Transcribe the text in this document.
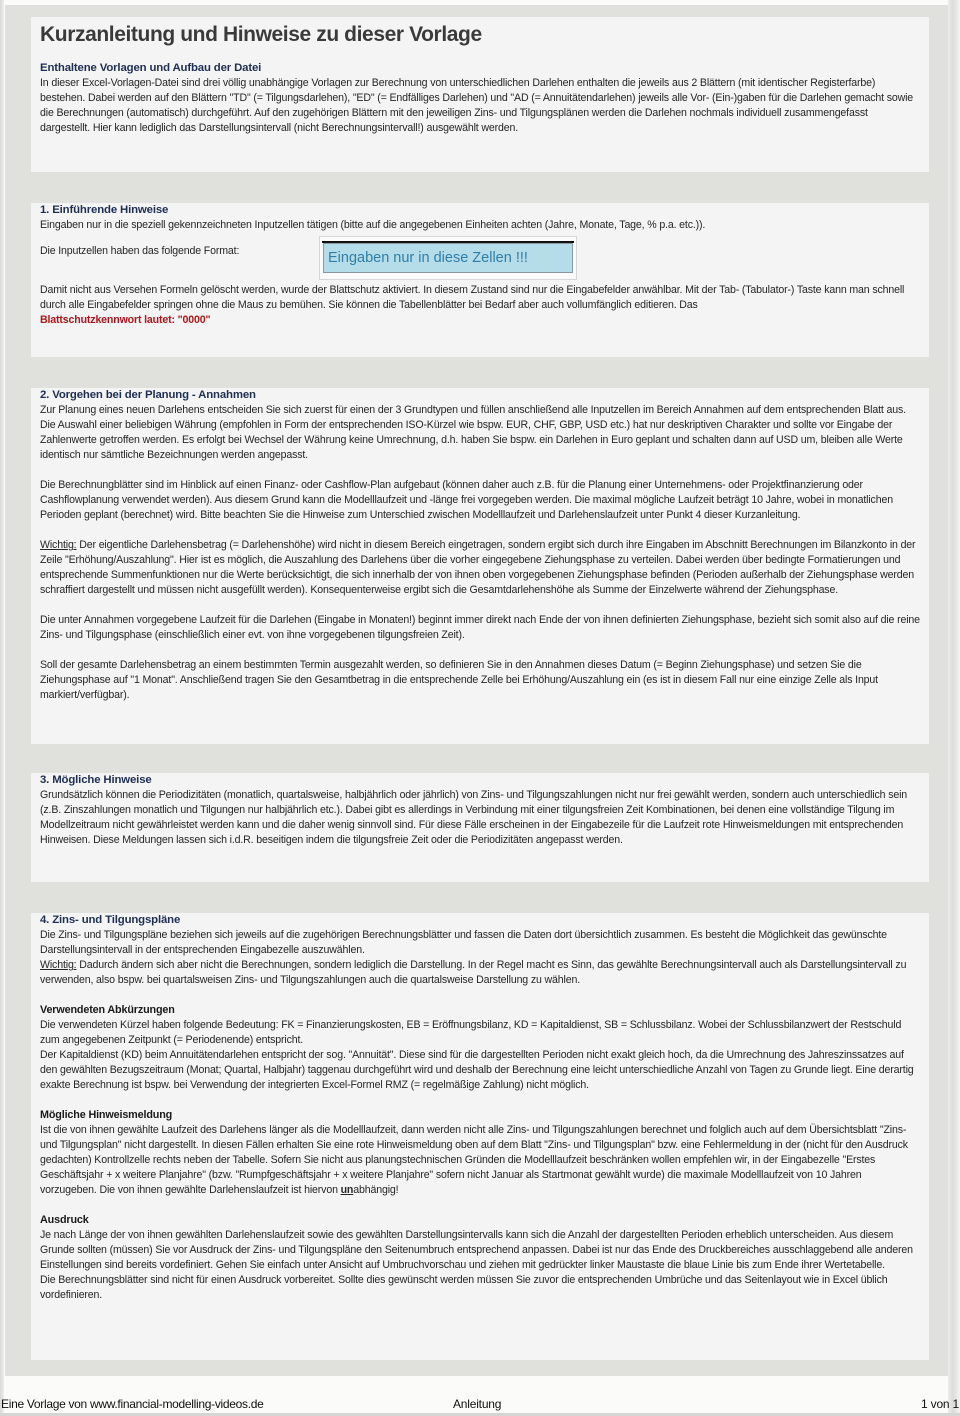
Kurzanleitung und Hinweise zu dieser Vorlage

Enthaltene Vorlagen und Aufbau der Datei

In dieser Excel-Vorlagen-Datei sind drei völlig unabhängige Vorlagen zur Berechnung von unterschiedlichen Darlehen enthalten die jeweils aus 2 Blättern (mit identischer Registerfarbe) bestehen. Dabei werden auf den Blättern "TD" (= Tilgungsdarlehen), "ED" (= Endfälliges Darlehen) und "AD (= Annuitätendarlehen) jeweils alle Vor- (Ein-)gaben für die Darlehen gemacht sowie die Berechnungen (automatisch) durchgeführt. Auf den zugehörigen Blättern mit den jeweiligen Zins- und Tilgungsplänen werden die Darlehen nochmals individuell zusammengefasst dargestellt. Hier kann lediglich das Darstellungsintervall (nicht Berechnungsintervall!) ausgewählt werden.

1. Einführende Hinweise

Eingaben nur in die speziell gekennzeichneten Inputzellen tätigen (bitte auf die angegebenen Einheiten achten (Jahre, Monate, Tage, % p.a. etc.)).

Die Inputzellen haben das folgende Format:	Eingaben nur in diese Zellen !!!

Damit nicht aus Versehen Formeln gelöscht werden, wurde der Blattschutz aktiviert. In diesem Zustand sind nur die Eingabefelder anwählbar. Mit der Tab- (Tabulator-) Taste kann man schnell durch alle Eingabefelder springen ohne die Maus zu bemühen. Sie können die Tabellenblätter bei Bedarf aber auch vollumfänglich editieren. Das
Blattschutzkennwort lautet: "0000"

2. Vorgehen bei der Planung - Annahmen

Zur Planung eines neuen Darlehens entscheiden Sie sich zuerst für einen der 3 Grundtypen und füllen anschließend alle Inputzellen im Bereich Annahmen auf dem entsprechenden Blatt aus. Die Auswahl einer beliebigen Währung (empfohlen in Form der entsprechenden ISO-Kürzel wie bspw. EUR, CHF, GBP, USD etc.) hat nur deskriptiven Charakter und sollte vor Eingabe der Zahlenwerte getroffen werden. Es erfolgt bei Wechsel der Währung keine Umrechnung, d.h. haben Sie bspw. ein Darlehen in Euro geplant und schalten dann auf USD um, bleiben alle Werte identisch nur sämtliche Bezeichnungen werden angepasst.

Die Berechnungblätter sind im Hinblick auf einen Finanz- oder Cashflow-Plan aufgebaut (können daher auch z.B. für die Planung einer Unternehmens- oder Projektfinanzierung oder Cashflowplanung verwendet werden). Aus diesem Grund kann die Modelllaufzeit und -länge frei vorgegeben werden. Die maximal mögliche Laufzeit beträgt 10 Jahre, wobei in monatlichen Perioden geplant (berechnet) wird. Bitte beachten Sie die Hinweise zum Unterschied zwischen Modelllaufzeit und Darlehenslaufzeit unter Punkt 4 dieser Kurzanleitung.

Wichtig: Der eigentliche Darlehensbetrag (= Darlehenshöhe) wird nicht in diesem Bereich eingetragen, sondern ergibt sich durch ihre Eingaben im Abschnitt Berechnungen im Bilanzkonto in der Zeile "Erhöhung/Auszahlung". Hier ist es möglich, die Auszahlung des Darlehens über die vorher eingegebene Ziehungsphase zu verteilen. Dabei werden über bedingte Formatierungen und entsprechende Summenfunktionen nur die Werte berücksichtigt, die sich innerhalb der von ihnen oben vorgegebenen Ziehungsphase befinden (Perioden außerhalb der Ziehungsphase werden schraffiert dargestellt und müssen nicht ausgefüllt werden). Konsequenterweise ergibt sich die Gesamtdarlehenshöhe als Summe der Einzelwerte während der Ziehungsphase.

Die unter Annahmen vorgegebene Laufzeit für die Darlehen (Eingabe in Monaten!) beginnt immer direkt nach Ende der von ihnen definierten Ziehungsphase, bezieht sich somit also auf die reine Zins- und Tilgungsphase (einschließlich einer evt. von ihne vorgegebenen tilgungsfreien Zeit).

Soll der gesamte Darlehensbetrag an einem bestimmten Termin ausgezahlt werden, so definieren Sie in den Annahmen dieses Datum (= Beginn Ziehungsphase) und setzen Sie die Ziehungsphase auf "1 Monat". Anschließend tragen Sie den Gesamtbetrag in die entsprechende Zelle bei Erhöhung/Auszahlung ein (es ist in diesem Fall nur eine einzige Zelle als Input markiert/verfügbar).

3. Mögliche Hinweise

Grundsätzlich können die Periodizitäten (monatlich, quartalsweise, halbjährlich oder jährlich) von Zins- und Tilgungszahlungen nicht nur frei gewählt werden, sondern auch unterschiedlich sein (z.B. Zinszahlungen monatlich und Tilgungen nur halbjährlich etc.). Dabei gibt es allerdings in Verbindung mit einer tilgungsfreien Zeit Kombinationen, bei denen eine vollständige Tilgung im Modellzeitraum nicht gewährleistet werden kann und die daher wenig sinnvoll sind. Für diese Fälle erscheinen in der Eingabezeile für die Laufzeit rote Hinweismeldungen mit entsprechenden Hinweisen. Diese Meldungen lassen sich i.d.R. beseitigen indem die tilgungsfreie Zeit oder die Periodizitäten angepasst werden.

4. Zins- und Tilgungspläne

Die Zins- und Tilgungspläne beziehen sich jeweils auf die zugehörigen Berechnungsblätter und fassen die Daten dort übersichtlich zusammen. Es besteht die Möglichkeit das gewünschte Darstellungsintervall in der entsprechenden Eingabezelle auszuwählen.

Wichtig: Dadurch ändern sich aber nicht die Berechnungen, sondern lediglich die Darstellung. In der Regel macht es Sinn, das gewählte Berechnungsintervall auch als Darstellungsintervall zu verwenden, also bspw. bei quartalsweisen Zins- und Tilgungszahlungen auch die quartalsweise Darstellung zu wählen.

Verwendeten Abkürzungen

Die verwendeten Kürzel haben folgende Bedeutung: FK = Finanzierungskosten, EB = Eröffnungsbilanz, KD = Kapitaldienst, SB = Schlussbilanz. Wobei der Schlussbilanzwert der Restschuld zum angegebenen Zeitpunkt (= Periodenende) entspricht.

Der Kapitaldienst (KD) beim Annuitätendarlehen entspricht der sog. "Annuität". Diese sind für die dargestellten Perioden nicht exakt gleich hoch, da die Umrechnung des Jahreszinssatzes auf den gewählten Bezugszeitraum (Monat; Quartal, Halbjahr) taggenau durchgeführt wird und deshalb der Berechnung eine leicht unterschiedliche Anzahl von Tagen zu Grunde liegt. Eine derartig exakte Berechnung ist bspw. bei Verwendung der integrierten Excel-Formel RMZ (= regelmäßige Zahlung) nicht möglich.

Mögliche Hinweismeldung

Ist die von ihnen gewählte Laufzeit des Darlehens länger als die Modelllaufzeit, dann werden nicht alle Zins- und Tilgungszahlungen berechnet und folglich auch auf dem Übersichtsblatt "Zins- und Tilgungsplan" nicht dargestellt. In diesen Fällen erhalten Sie eine rote Hinweismeldung oben auf dem Blatt "Zins- und Tilgungsplan" bzw. eine Fehlermeldung in der (nicht für den Ausdruck gedachten) Kontrollzelle rechts neben der Tabelle. Sofern Sie nicht aus planungstechnischen Gründen die Modelllaufzeit beschränken wollen empfehlen wir, in der Eingabezelle "Erstes Geschäftsjahr + x weitere Planjahre" (bzw. "Rumpfgeschäftsjahr + x weitere Planjahre" sofern nicht Januar als Startmonat gewählt wurde) die maximale Modelllaufzeit von 10 Jahren vorzugeben. Die von ihnen gewählte Darlehenslaufzeit ist hiervon unabhängig!

Ausdruck

Je nach Länge der von ihnen gewählten Darlehenslaufzeit sowie des gewählten Darstellungsintervalls kann sich die Anzahl der dargestellten Perioden erheblich unterscheiden. Aus diesem Grunde sollten (müssen) Sie vor Ausdruck der Zins- und Tilgungspläne den Seitenumbruch entsprechend anpassen. Dabei ist nur das Ende des Druckbereiches ausschlaggebend alle anderen Einstellungen sind bereits vordefiniert. Gehen Sie einfach unter Ansicht auf Umbruchvorschau und ziehen mit gedrückter linker Maustaste die blaue Linie bis zum Ende ihrer Wertetabelle.

Die Berechnungsblätter sind nicht für einen Ausdruck vorbereitet. Sollte dies gewünscht werden müssen Sie zuvor die entsprechenden Umbrüche und das Seitenlayout wie in Excel üblich vordefinieren.

Eine Vorlage von www.financial-modelling-videos.de	Anleitung	1 von 1
